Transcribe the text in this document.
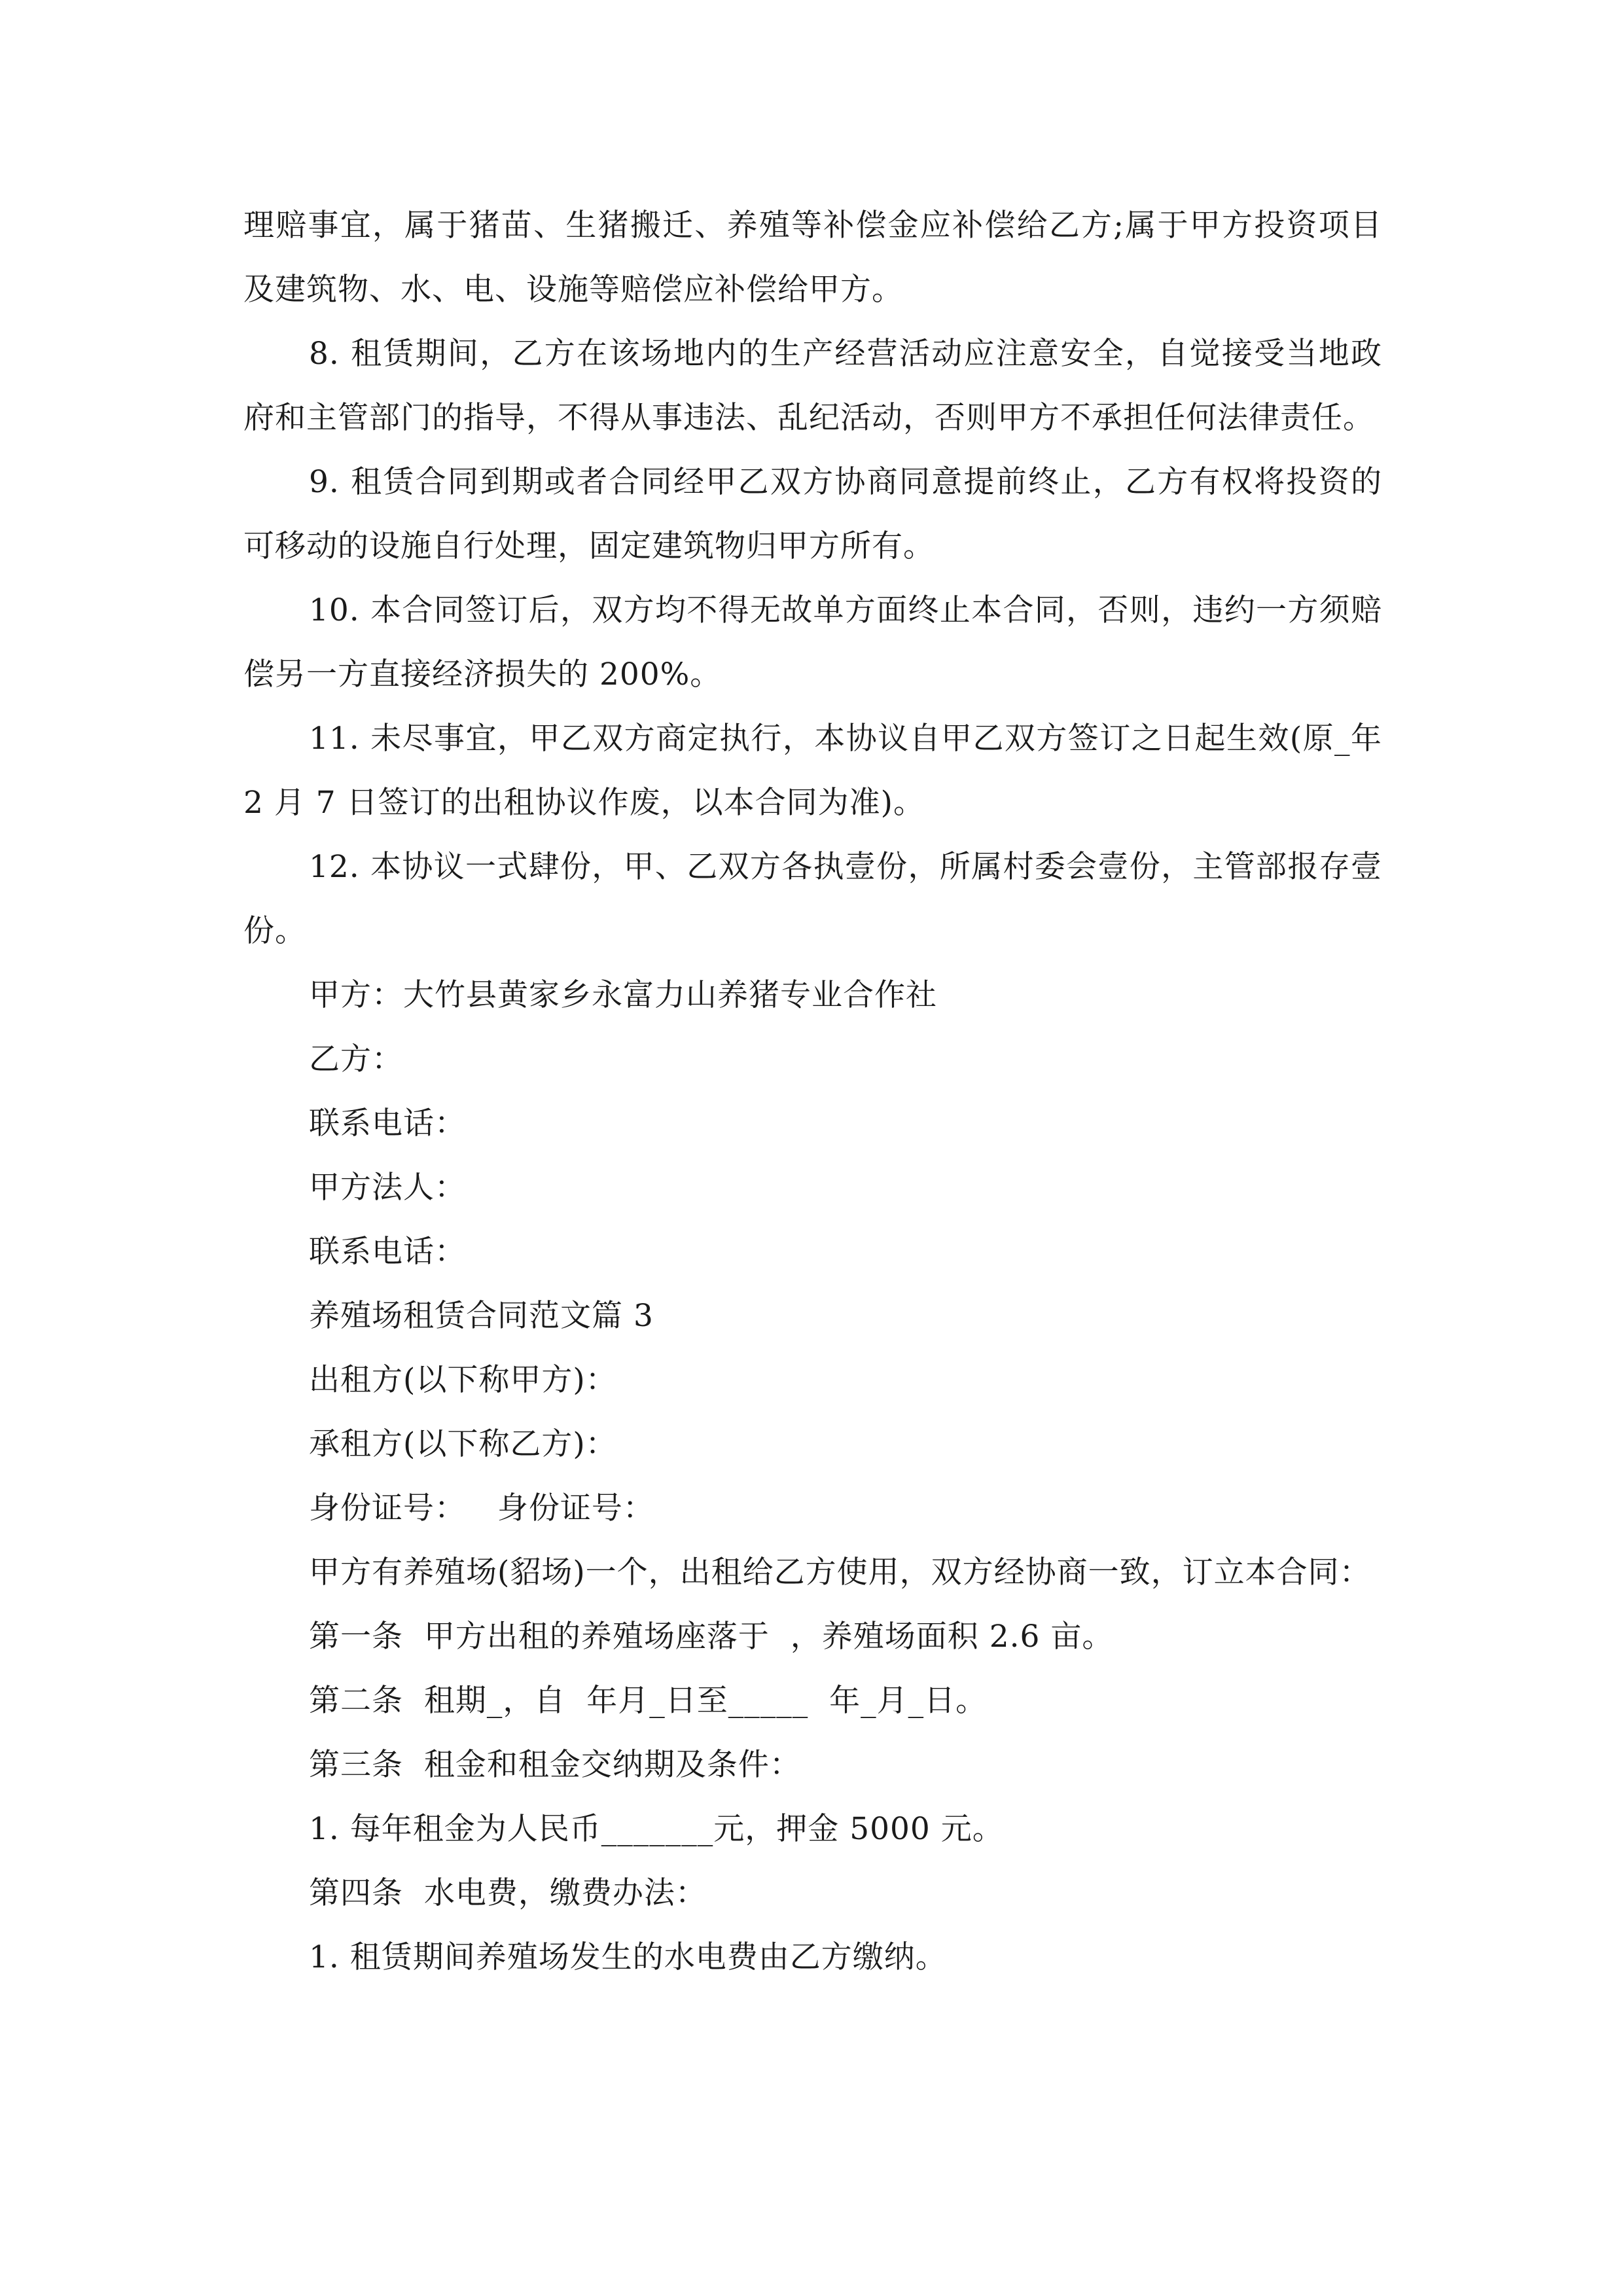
理赔事宜，属于猪苗、生猪搬迁、养殖等补偿金应补偿给乙方;属于甲方投资项目及建筑物、水、电、设施等赔偿应补偿给甲方。

8. 租赁期间，乙方在该场地内的生产经营活动应注意安全，自觉接受当地政府和主管部门的指导，不得从事违法、乱纪活动，否则甲方不承担任何法律责任。

9. 租赁合同到期或者合同经甲乙双方协商同意提前终止，乙方有权将投资的可移动的设施自行处理，固定建筑物归甲方所有。

10. 本合同签订后，双方均不得无故单方面终止本合同，否则，违约一方须赔偿另一方直接经济损失的 200%。

11. 未尽事宜，甲乙双方商定执行，本协议自甲乙双方签订之日起生效(原_年 2 月 7 日签订的出租协议作废，以本合同为准)。

12. 本协议一式肆份，甲、乙双方各执壹份，所属村委会壹份，主管部报存壹份。

甲方：大竹县黄家乡永富力山养猪专业合作社

乙方：

联系电话：

甲方法人：

联系电话：

养殖场租赁合同范文篇 3

出租方(以下称甲方)：

承租方(以下称乙方)：

身份证号：   身份证号：

甲方有养殖场(貂场)一个，出租给乙方使用，双方经协商一致，订立本合同：

第一条  甲方出租的养殖场座落于  ，养殖场面积 2.6 亩。

第二条  租期_，自  年月_日至_____  年_月_日。

第三条  租金和租金交纳期及条件：

1. 每年租金为人民币_______元，押金 5000 元。

第四条  水电费，缴费办法：

1. 租赁期间养殖场发生的水电费由乙方缴纳。
